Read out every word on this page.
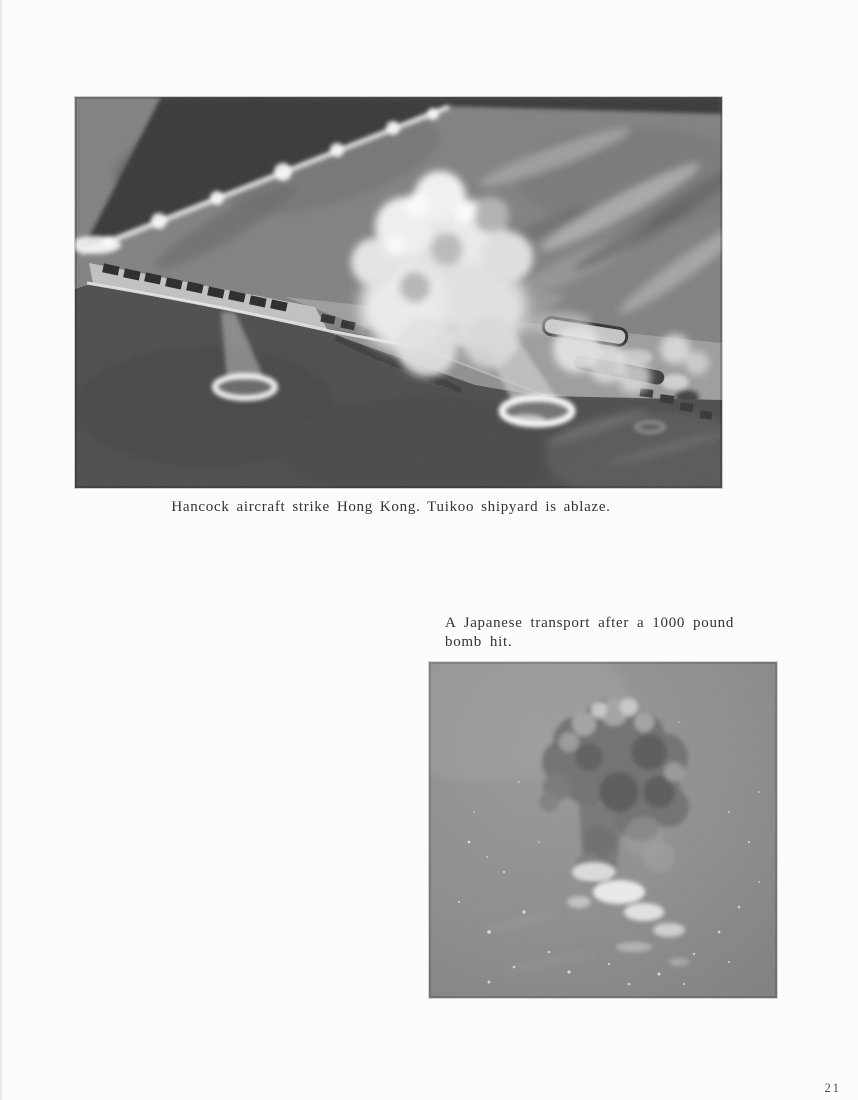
Hancock aircraft strike Hong Kong. Tuikoo shipyard is ablaze.
A Japanese transport after a 1000 pound
bomb hit.
21
